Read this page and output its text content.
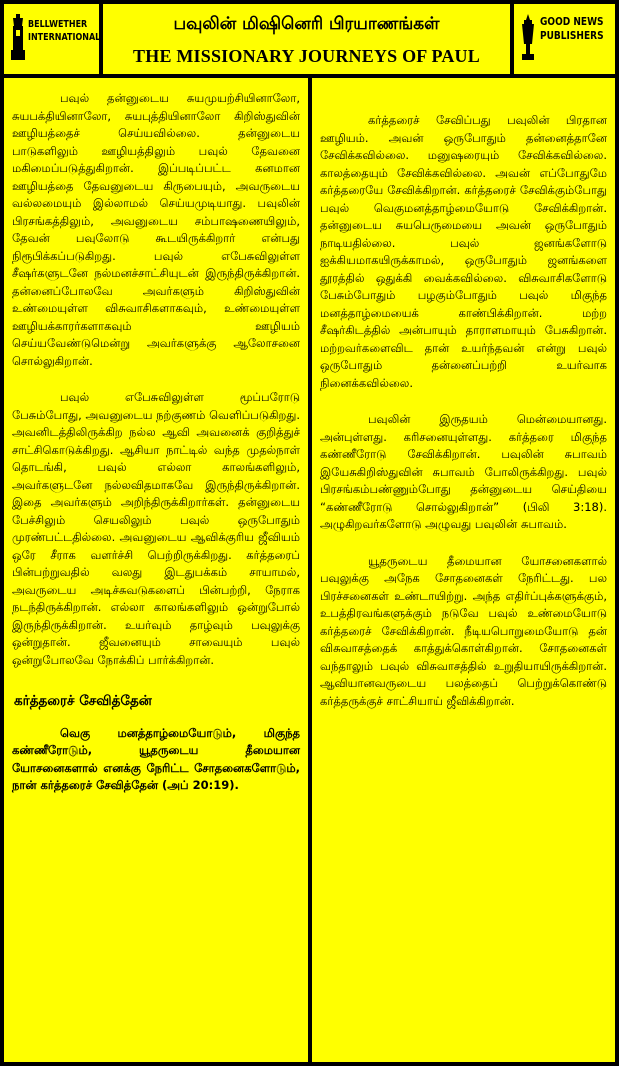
BELLWETHER
INTERNATIONAL
பவுலின் மிஷினெரி பிரயாணங்கள்
THE MISSIONARY JOURNEYS OF PAUL
GOOD NEWS
PUBLISHERS

பவுல் தன்னுடைய சுயமுயற்சியினாலோ, சுயபக்தியினாலோ, சுயபுத்தியினாலோ கிறிஸ்துவின் ஊழியத்தைச் செய்யவில்லை. தன்னுடைய பாடுகளிலும் ஊழியத்திலும் பவுல் தேவனை மகிமைப்படுத்துகிறான். இப்படிப்பட்ட கனமான ஊழியத்தை தேவனுடைய கிருபையும், அவருடைய வல்லமையும் இல்லாமல் செய்யமுடியாது. பவுலின் பிரசங்கத்திலும், அவனுடைய சம்பாஷணையிலும், தேவன் பவுலோடு கூடயிருக்கிறார் என்பது நிரூபிக்கப்படுகிறது. பவுல் எபேசுவிலுள்ள சீஷர்களுடனே நல்மனச்சாட்சியுடன் இருந்திருக்கிறான். தன்னைப்போலவே அவர்களும் கிறிஸ்துவின் உண்மையுள்ள விசுவாசிகளாகவும், உண்மையுள்ள ஊழியக்காரர்களாகவும் ஊழியம் செய்யவேண்டுமென்று அவர்களுக்கு ஆலோசனை சொல்லுகிறான்.

பவுல் எபேசுவிலுள்ள மூப்பரோடு பேசும்போது, அவனுடைய நற்குணம் வெளிப்படுகிறது. அவனிடத்திலிருக்கிற நல்ல ஆவி அவனைக் குறித்துச் சாட்சிகொடுக்கிறது. ஆசியா நாட்டில் வந்த முதல்நாள் தொடங்கி, பவுல் எல்லா காலங்களிலும், அவர்களுடனே நல்லவிதமாகவே இருந்திருக்கிறான். இதை அவர்களும் அறிந்திருக்கிறார்கள். தன்னுடைய பேச்சிலும் செயலிலும் பவுல் ஒருபோதும் முரண்பட்டதில்லை. அவனுடைய ஆவிக்குரிய ஜீவியம் ஒரே சீராக வளர்ச்சி பெற்றிருக்கிறது. கர்த்தரைப் பின்பற்றுவதில் வலது இடதுபக்கம் சாயாமல், அவருடைய அடிச்சுவடுகளைப் பின்பற்றி, நேராக நடந்திருக்கிறான். எல்லா காலங்களிலும் ஒன்றுபோல் இருந்திருக்கிறான். உயர்வும் தாழ்வும் பவுலுக்கு ஒன்றுதான். ஜீவனையும் சாவையும் பவுல் ஒன்றுபோலவே நோக்கிப் பார்க்கிறான்.

கர்த்தரைச் சேவித்தேன்
வெகு மனத்தாழ்மையோடும், மிகுந்த கண்ணீரோடும், யூதருடைய தீமையான யோசனைகளால் எனக்கு நேரிட்ட சோதனைகளோடும், நான் கர்த்தரைச் சேவித்தேன் (அப் 20:19).

கர்த்தரைச் சேவிப்பது பவுலின் பிரதான ஊழியம். அவன் ஒருபோதும் தன்னைத்தானே சேவிக்கவில்லை. மனுஷரையும் சேவிக்கவில்லை. காலத்தையும் சேவிக்கவில்லை. அவன் எப்போதுமே கர்த்தரையே சேவிக்கிறான். கர்த்தரைச் சேவிக்கும்போது பவுல் வெகுமனத்தாழ்மையோடு சேவிக்கிறான். தன்னுடைய சுயபெருமையை அவன் ஒருபோதும் நாடியதில்லை. பவுல் ஜனங்களோடு ஐக்கியமாகயிருக்காமல், ஒருபோதும் ஜனங்களை தூரத்தில் ஒதுக்கி வைக்கவில்லை. விசுவாசிகளோடு பேசும்போதும் பழகும்போதும் பவுல் மிகுந்த மனத்தாழ்மையைக் காண்பிக்கிறான். மற்ற சீஷர்கிடத்தில் அன்பாயும் தாராளமாயும் பேசுகிறான். மற்றவர்களைவிட தான் உயர்ந்தவன் என்று பவுல் ஒருபோதும் தன்னைப்பற்றி உயர்வாக நினைக்கவில்லை.

பவுலின் இருதயம் மென்மையானது. அன்புள்ளது. கரிசனையுள்ளது. கர்த்தரை மிகுந்த கண்ணீரோடு சேவிக்கிறான். பவுலின் சுபாவம் இயேசுகிறிஸ்துவின் சுபாவம் போலிருக்கிறது. பவுல் பிரசங்கம்பண்ணும்போது தன்னுடைய செய்தியை “கண்ணீரோடு சொல்லுகிறான்” (பிலி 3:18). அழுகிறவர்களோடு அழுவது பவுலின் சுபாவம்.

யூதருடைய தீமையான யோசனைகளால் பவுலுக்கு அநேக சோதனைகள் நேரிட்டது. பல பிரச்சனைகள் உண்டாயிற்று. அந்த எதிர்ப்புக்களுக்கும், உபத்திரவங்களுக்கும் நடுவே பவுல் உண்மையோடு கர்த்தரைச் சேவிக்கிறான். நீடியபொறுமையோடு தன் விசுவாசத்தைக் காத்துக்கொள்கிறான். சோதனைகள் வந்தாலும் பவுல் விசுவாசத்தில் உறுதியாயிருக்கிறான். ஆவியானவருடைய பலத்தைப் பெற்றுக்கொண்டு கர்த்தருக்குச் சாட்சியாய் ஜீவிக்கிறான்.
